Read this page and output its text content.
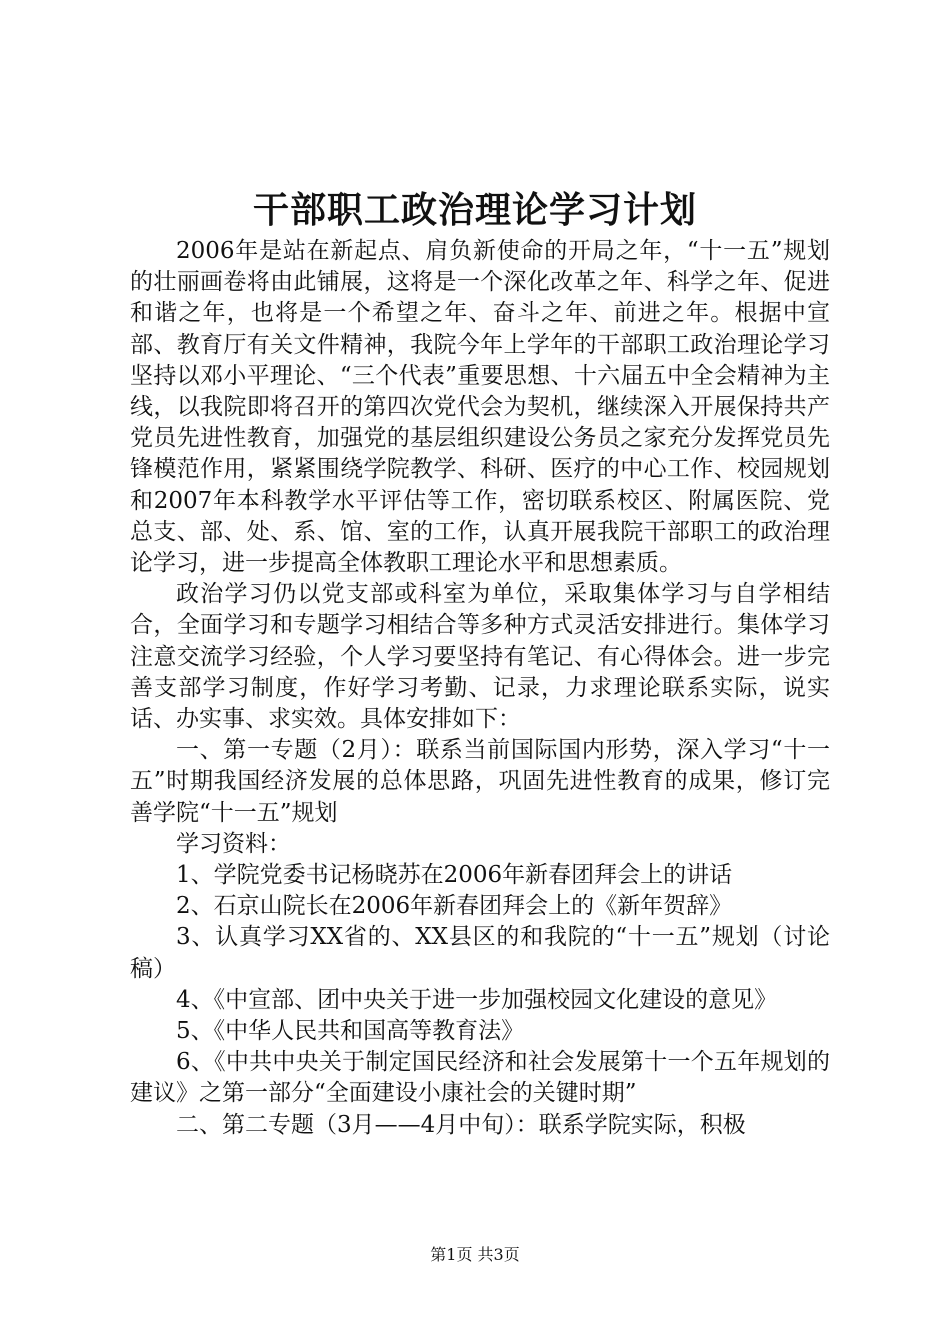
干部职工政治理论学习计划

2006年是站在新起点、肩负新使命的开局之年，“十一五”规划的壮丽画卷将由此铺展，这将是一个深化改革之年、科学之年、促进和谐之年，也将是一个希望之年、奋斗之年、前进之年。根据中宣部、教育厅有关文件精神，我院今年上学年的干部职工政治理论学习坚持以邓小平理论、“三个代表”重要思想、十六届五中全会精神为主线，以我院即将召开的第四次党代会为契机，继续深入开展保持共产党员先进性教育，加强党的基层组织建设公务员之家充分发挥党员先锋模范作用，紧紧围绕学院教学、科研、医疗的中心工作、校园规划和2007年本科教学水平评估等工作，密切联系校区、附属医院、党总支、部、处、系、馆、室的工作，认真开展我院干部职工的政治理论学习，进一步提高全体教职工理论水平和思想素质。

政治学习仍以党支部或科室为单位，采取集体学习与自学相结合，全面学习和专题学习相结合等多种方式灵活安排进行。集体学习注意交流学习经验，个人学习要坚持有笔记、有心得体会。进一步完善支部学习制度，作好学习考勤、记录，力求理论联系实际，说实话、办实事、求实效。具体安排如下：

一、第一专题（2月）：联系当前国际国内形势，深入学习“十一五”时期我国经济发展的总体思路，巩固先进性教育的成果，修订完善学院“十一五”规划

学习资料：

1、学院党委书记杨晓苏在2006年新春团拜会上的讲话

2、石京山院长在2006年新春团拜会上的《新年贺辞》

3、认真学习XX省的、XX县区的和我院的“十一五”规划（讨论稿）

4、《中宣部、团中央关于进一步加强校园文化建设的意见》

5、《中华人民共和国高等教育法》

6、《中共中央关于制定国民经济和社会发展第十一个五年规划的建议》之第一部分“全面建设小康社会的关键时期”

二、第二专题（3月——4月中旬）：联系学院实际，积极

第1页 共3页
